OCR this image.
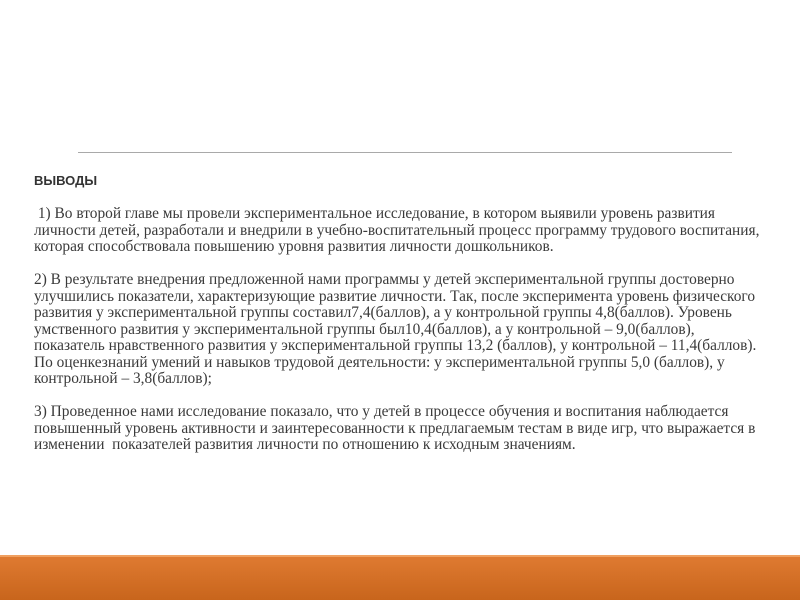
ВЫВОДЫ

1) Во второй главе мы провели экспериментальное исследование, в котором выявили уровень развития личности детей, разработали и внедрили в учебно-воспитательный процесс программу трудового воспитания, которая способствовала повышению уровня развития личности дошкольников.

2) В результате внедрения предложенной нами программы у детей экспериментальной группы достоверно улучшились показатели, характеризующие развитие личности. Так, после эксперимента уровень физического развития у экспериментальной группы составил7,4(баллов), а у контрольной группы 4,8(баллов). Уровень умственного развития у экспериментальной группы был10,4(баллов), а у контрольной – 9,0(баллов), показатель нравственного развития у экспериментальной группы 13,2 (баллов), у контрольной – 11,4(баллов). По оценкезнаний умений и навыков трудовой деятельности: у экспериментальной группы 5,0 (баллов), у контрольной – 3,8(баллов);

3) Проведенное нами исследование показало, что у детей в процессе обучения и воспитания наблюдается  повышенный уровень активности и заинтересованности к предлагаемым тестам в виде игр, что выражается в изменении  показателей развития личности по отношению к исходным значениям.
